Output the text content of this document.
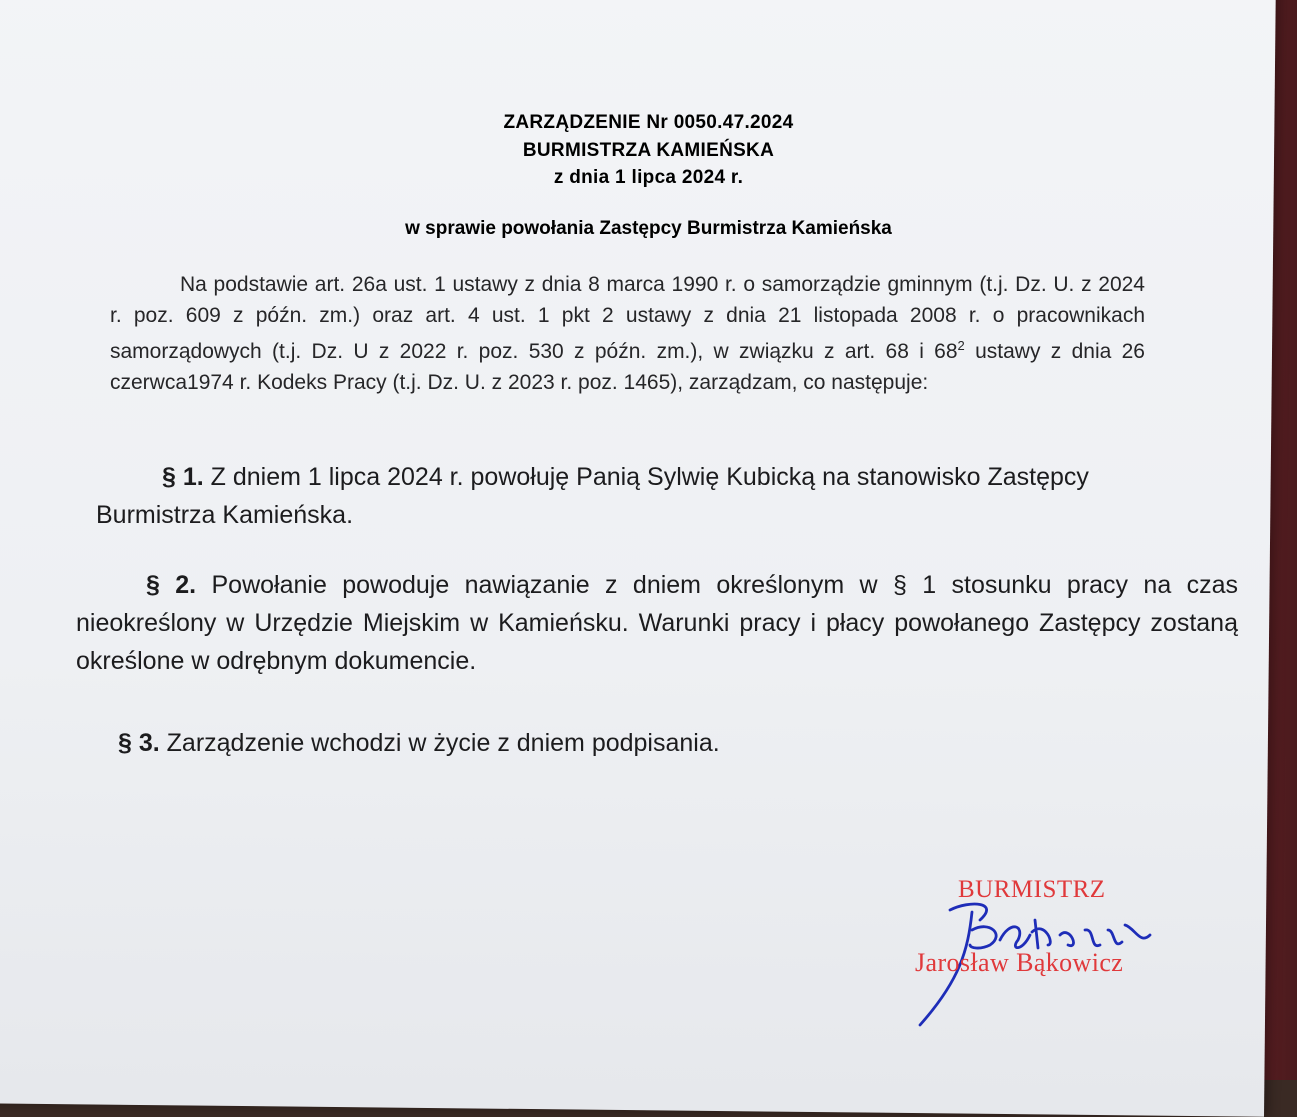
ZARZĄDZENIE Nr 0050.47.2024
BURMISTRZA KAMIEŃSKA
z dnia 1 lipca 2024 r.
w sprawie powołania Zastępcy Burmistrza Kamieńska
Na podstawie art. 26a ust. 1 ustawy z dnia 8 marca 1990 r. o samorządzie gminnym (t.j. Dz. U. z 2024 r. poz. 609 z późn. zm.) oraz art. 4 ust. 1 pkt 2 ustawy z dnia 21 listopada 2008 r. o pracownikach samorządowych (t.j. Dz. U z 2022 r. poz. 530 z późn. zm.), w związku z art. 68 i $68^2$ ustawy z dnia 26 czerwca1974 r. Kodeks Pracy (t.j. Dz. U. z 2023 r. poz. 1465), zarządzam, co następuje:
§ 1. Z dniem 1 lipca 2024 r. powołuję Panią Sylwię Kubicką na stanowisko Zastępcy Burmistrza Kamieńska.
§ 2. Powołanie powoduje nawiązanie z dniem określonym w § 1 stosunku pracy na czas nieokreślony w Urzędzie Miejskim w Kamieńsku. Warunki pracy i płacy powołanego Zastępcy zostaną określone w odrębnym dokumencie.
§ 3. Zarządzenie wchodzi w życie z dniem podpisania.
BURMISTRZ
Jarosław Bąkowicz
